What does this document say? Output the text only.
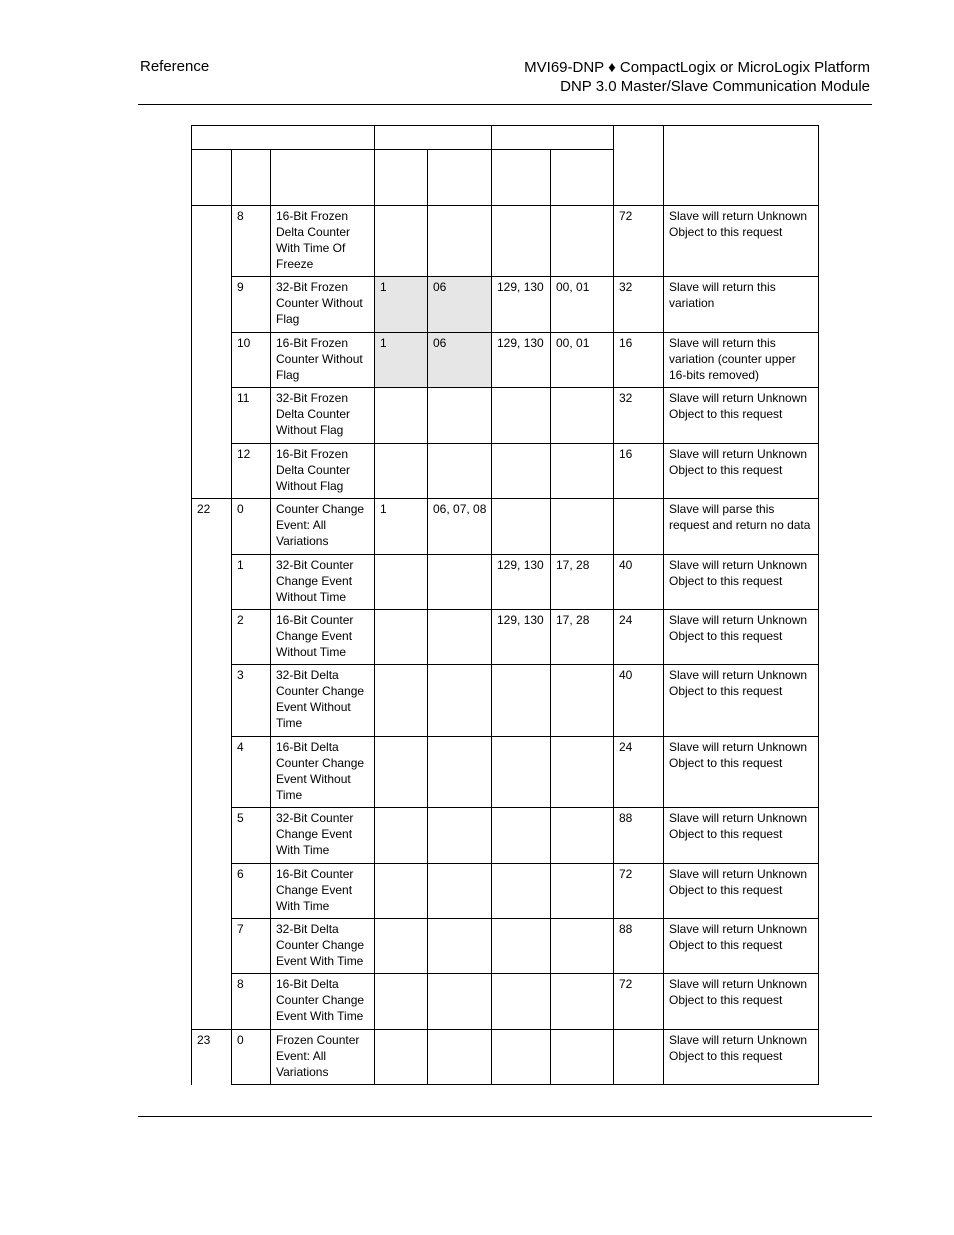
Reference	MVI69-DNP ♦ CompactLogix or MicroLogix Platform
DNP 3.0 Master/Slave Communication Module

	8	16-Bit Frozen Delta Counter With Time Of Freeze					72	Slave will return Unknown Object to this request
	9	32-Bit Frozen Counter Without Flag	1	06	129, 130	00, 01	32	Slave will return this variation
	10	16-Bit Frozen Counter Without Flag	1	06	129, 130	00, 01	16	Slave will return this variation (counter upper 16-bits removed)
	11	32-Bit Frozen Delta Counter Without Flag					32	Slave will return Unknown Object to this request
	12	16-Bit Frozen Delta Counter Without Flag					16	Slave will return Unknown Object to this request
22	0	Counter Change Event: All Variations	1	06, 07, 08				Slave will parse this request and return no data
	1	32-Bit Counter Change Event Without Time			129, 130	17, 28	40	Slave will return Unknown Object to this request
	2	16-Bit Counter Change Event Without Time			129, 130	17, 28	24	Slave will return Unknown Object to this request
	3	32-Bit Delta Counter Change Event Without Time					40	Slave will return Unknown Object to this request
	4	16-Bit Delta Counter Change Event Without Time					24	Slave will return Unknown Object to this request
	5	32-Bit Counter Change Event With Time					88	Slave will return Unknown Object to this request
	6	16-Bit Counter Change Event With Time					72	Slave will return Unknown Object to this request
	7	32-Bit Delta Counter Change Event With Time					88	Slave will return Unknown Object to this request
	8	16-Bit Delta Counter Change Event With Time					72	Slave will return Unknown Object to this request
23	0	Frozen Counter Event: All Variations						Slave will return Unknown Object to this request
